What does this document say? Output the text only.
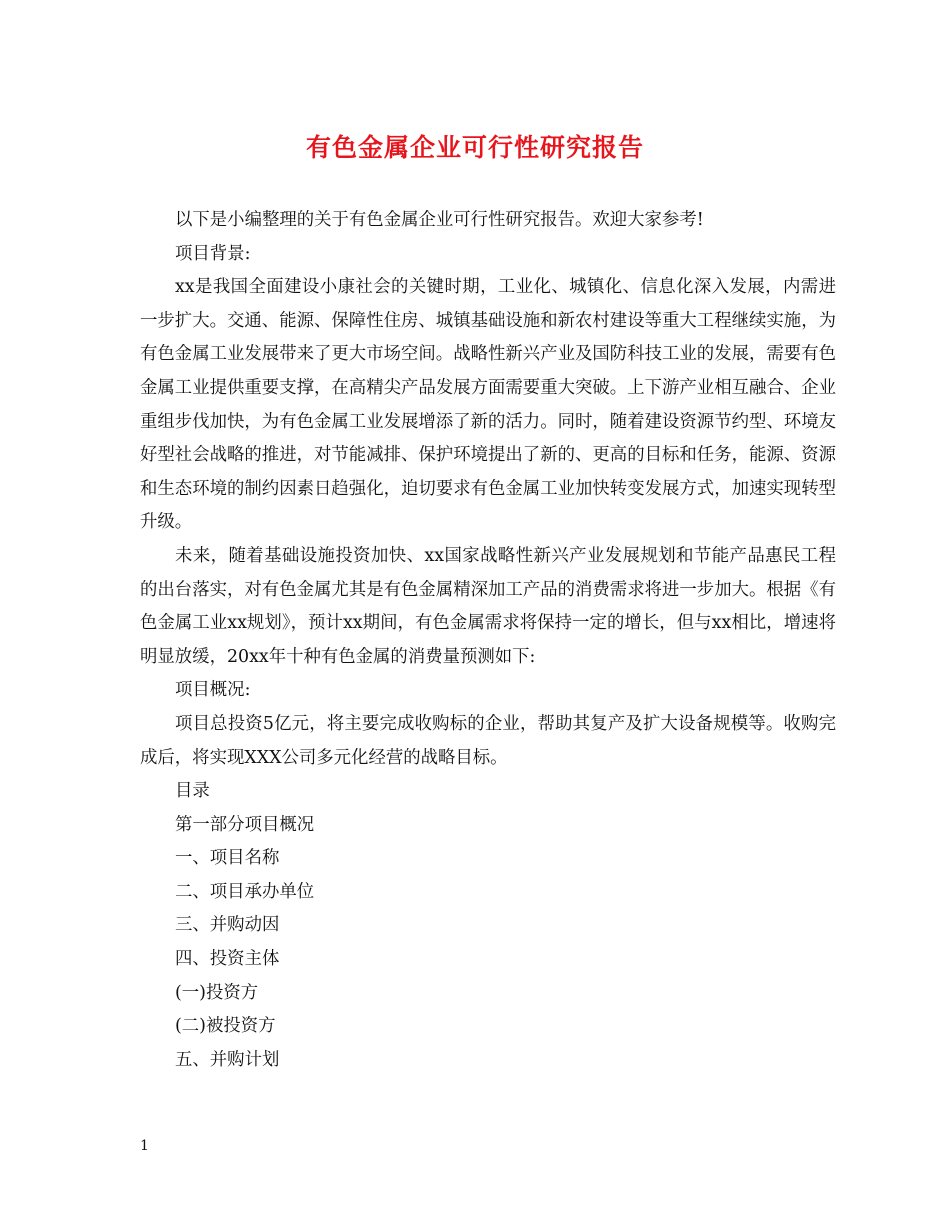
有色金属企业可行性研究报告

以下是小编整理的关于有色金属企业可行性研究报告。欢迎大家参考!

项目背景:

xx是我国全面建设小康社会的关键时期，工业化、城镇化、信息化深入发展，内需进一步扩大。交通、能源、保障性住房、城镇基础设施和新农村建设等重大工程继续实施，为有色金属工业发展带来了更大市场空间。战略性新兴产业及国防科技工业的发展，需要有色金属工业提供重要支撑，在高精尖产品发展方面需要重大突破。上下游产业相互融合、企业重组步伐加快，为有色金属工业发展增添了新的活力。同时，随着建设资源节约型、环境友好型社会战略的推进，对节能减排、保护环境提出了新的、更高的目标和任务，能源、资源和生态环境的制约因素日趋强化，迫切要求有色金属工业加快转变发展方式，加速实现转型升级。

未来，随着基础设施投资加快、xx国家战略性新兴产业发展规划和节能产品惠民工程的出台落实，对有色金属尤其是有色金属精深加工产品的消费需求将进一步加大。根据《有色金属工业xx规划》，预计xx期间，有色金属需求将保持一定的增长，但与xx相比，增速将明显放缓，20xx年十种有色金属的消费量预测如下:

项目概况:

项目总投资5亿元，将主要完成收购标的企业，帮助其复产及扩大设备规模等。收购完成后，将实现XXX公司多元化经营的战略目标。

目录

第一部分项目概况

一、项目名称

二、项目承办单位

三、并购动因

四、投资主体

(一)投资方

(二)被投资方

五、并购计划

1
